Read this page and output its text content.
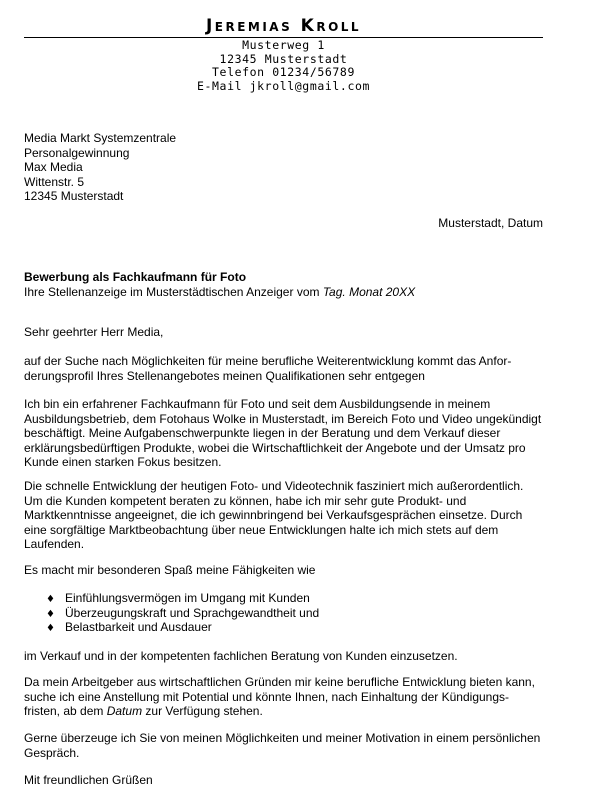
Jeremias Kroll
Musterweg 1
12345 Musterstadt
Telefon 01234/56789
E-Mail jkroll@gmail.com
Media Markt Systemzentrale
Personalgewinnung
Max Media
Wittenstr. 5
12345 Musterstadt
Musterstadt, Datum
Bewerbung als Fachkaufmann für Foto
Ihre Stellenanzeige im Musterstädtischen Anzeiger vom Tag. Monat 20XX
Sehr geehrter Herr Media,
auf der Suche nach Möglichkeiten für meine berufliche Weiterentwicklung kommt das Anfor-
derungsprofil Ihres Stellenangebotes meinen Qualifikationen sehr entgegen
Ich bin ein erfahrener Fachkaufmann für Foto und seit dem Ausbildungsende in meinem
Ausbildungsbetrieb, dem Fotohaus Wolke in Musterstadt, im Bereich Foto und Video ungekündigt
beschäftigt. Meine Aufgabenschwerpunkte liegen in der Beratung und dem Verkauf dieser
erklärungsbedürftigen Produkte, wobei die Wirtschaftlichkeit der Angebote und der Umsatz pro
Kunde einen starken Fokus besitzen.
Die schnelle Entwicklung der heutigen Foto- und Videotechnik fasziniert mich außerordentlich.
Um die Kunden kompetent beraten zu können, habe ich mir sehr gute Produkt- und
Marktkenntnisse angeeignet, die ich gewinnbringend bei Verkaufsgesprächen einsetze. Durch
eine sorgfältige Marktbeobachtung über neue Entwicklungen halte ich mich stets auf dem
Laufenden.
Es macht mir besonderen Spaß meine Fähigkeiten wie
♦ Einfühlungsvermögen im Umgang mit Kunden
♦ Überzeugungskraft und Sprachgewandtheit und
♦ Belastbarkeit und Ausdauer
im Verkauf und in der kompetenten fachlichen Beratung von Kunden einzusetzen.
Da mein Arbeitgeber aus wirtschaftlichen Gründen mir keine berufliche Entwicklung bieten kann,
suche ich eine Anstellung mit Potential und könnte Ihnen, nach Einhaltung der Kündigungs-
fristen, ab dem Datum zur Verfügung stehen.
Gerne überzeuge ich Sie von meinen Möglichkeiten und meiner Motivation in einem persönlichen
Gespräch.
Mit freundlichen Grüßen
